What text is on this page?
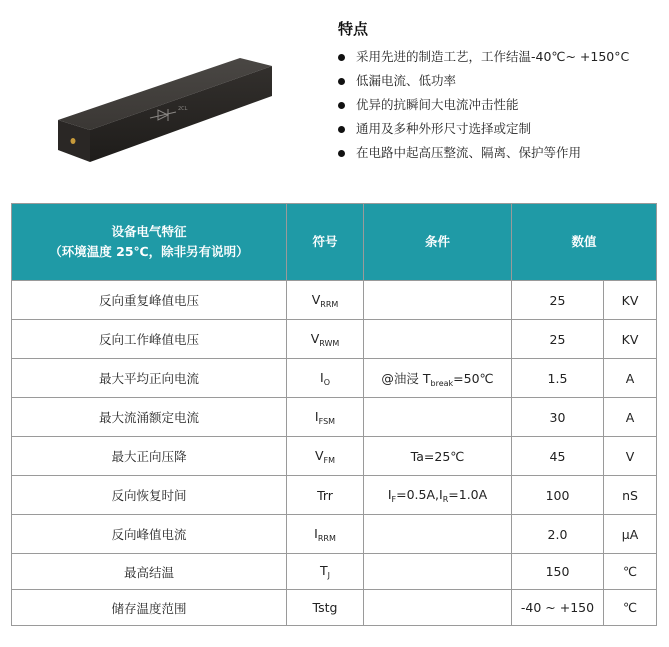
2CL
特点
采用先进的制造工艺，工作结温-40℃~ +150°C
低漏电流、低功率
优异的抗瞬间大电流冲击性能
通用及多种外形尺寸选择或定制
在电路中起高压整流、隔离、保护等作用
设备电气特征
（环境温度 25℃，除非另有说明）	符号	条件	数值	
反向重复峰值电压	$V_{RRM}$		25	KV
反向工作峰值电压	$V_{RWM}$		25	KV
最大平均正向电流	$I_O$	@油浸 $T_{break}=50℃$	1.5	A
最大流涌额定电流	$I_{FSM}$		30	A
最大正向压降	$V_{FM}$	Ta=25℃	45	V
反向恢复时间	Trr	$I_F=0.5A,I_R=1.0A$	100	nS
反向峰值电流	$I_{RRM}$		2.0	μA
最高结温	$T_J$		150	℃
储存温度范围	Tstg		-40 ~ +150	℃
